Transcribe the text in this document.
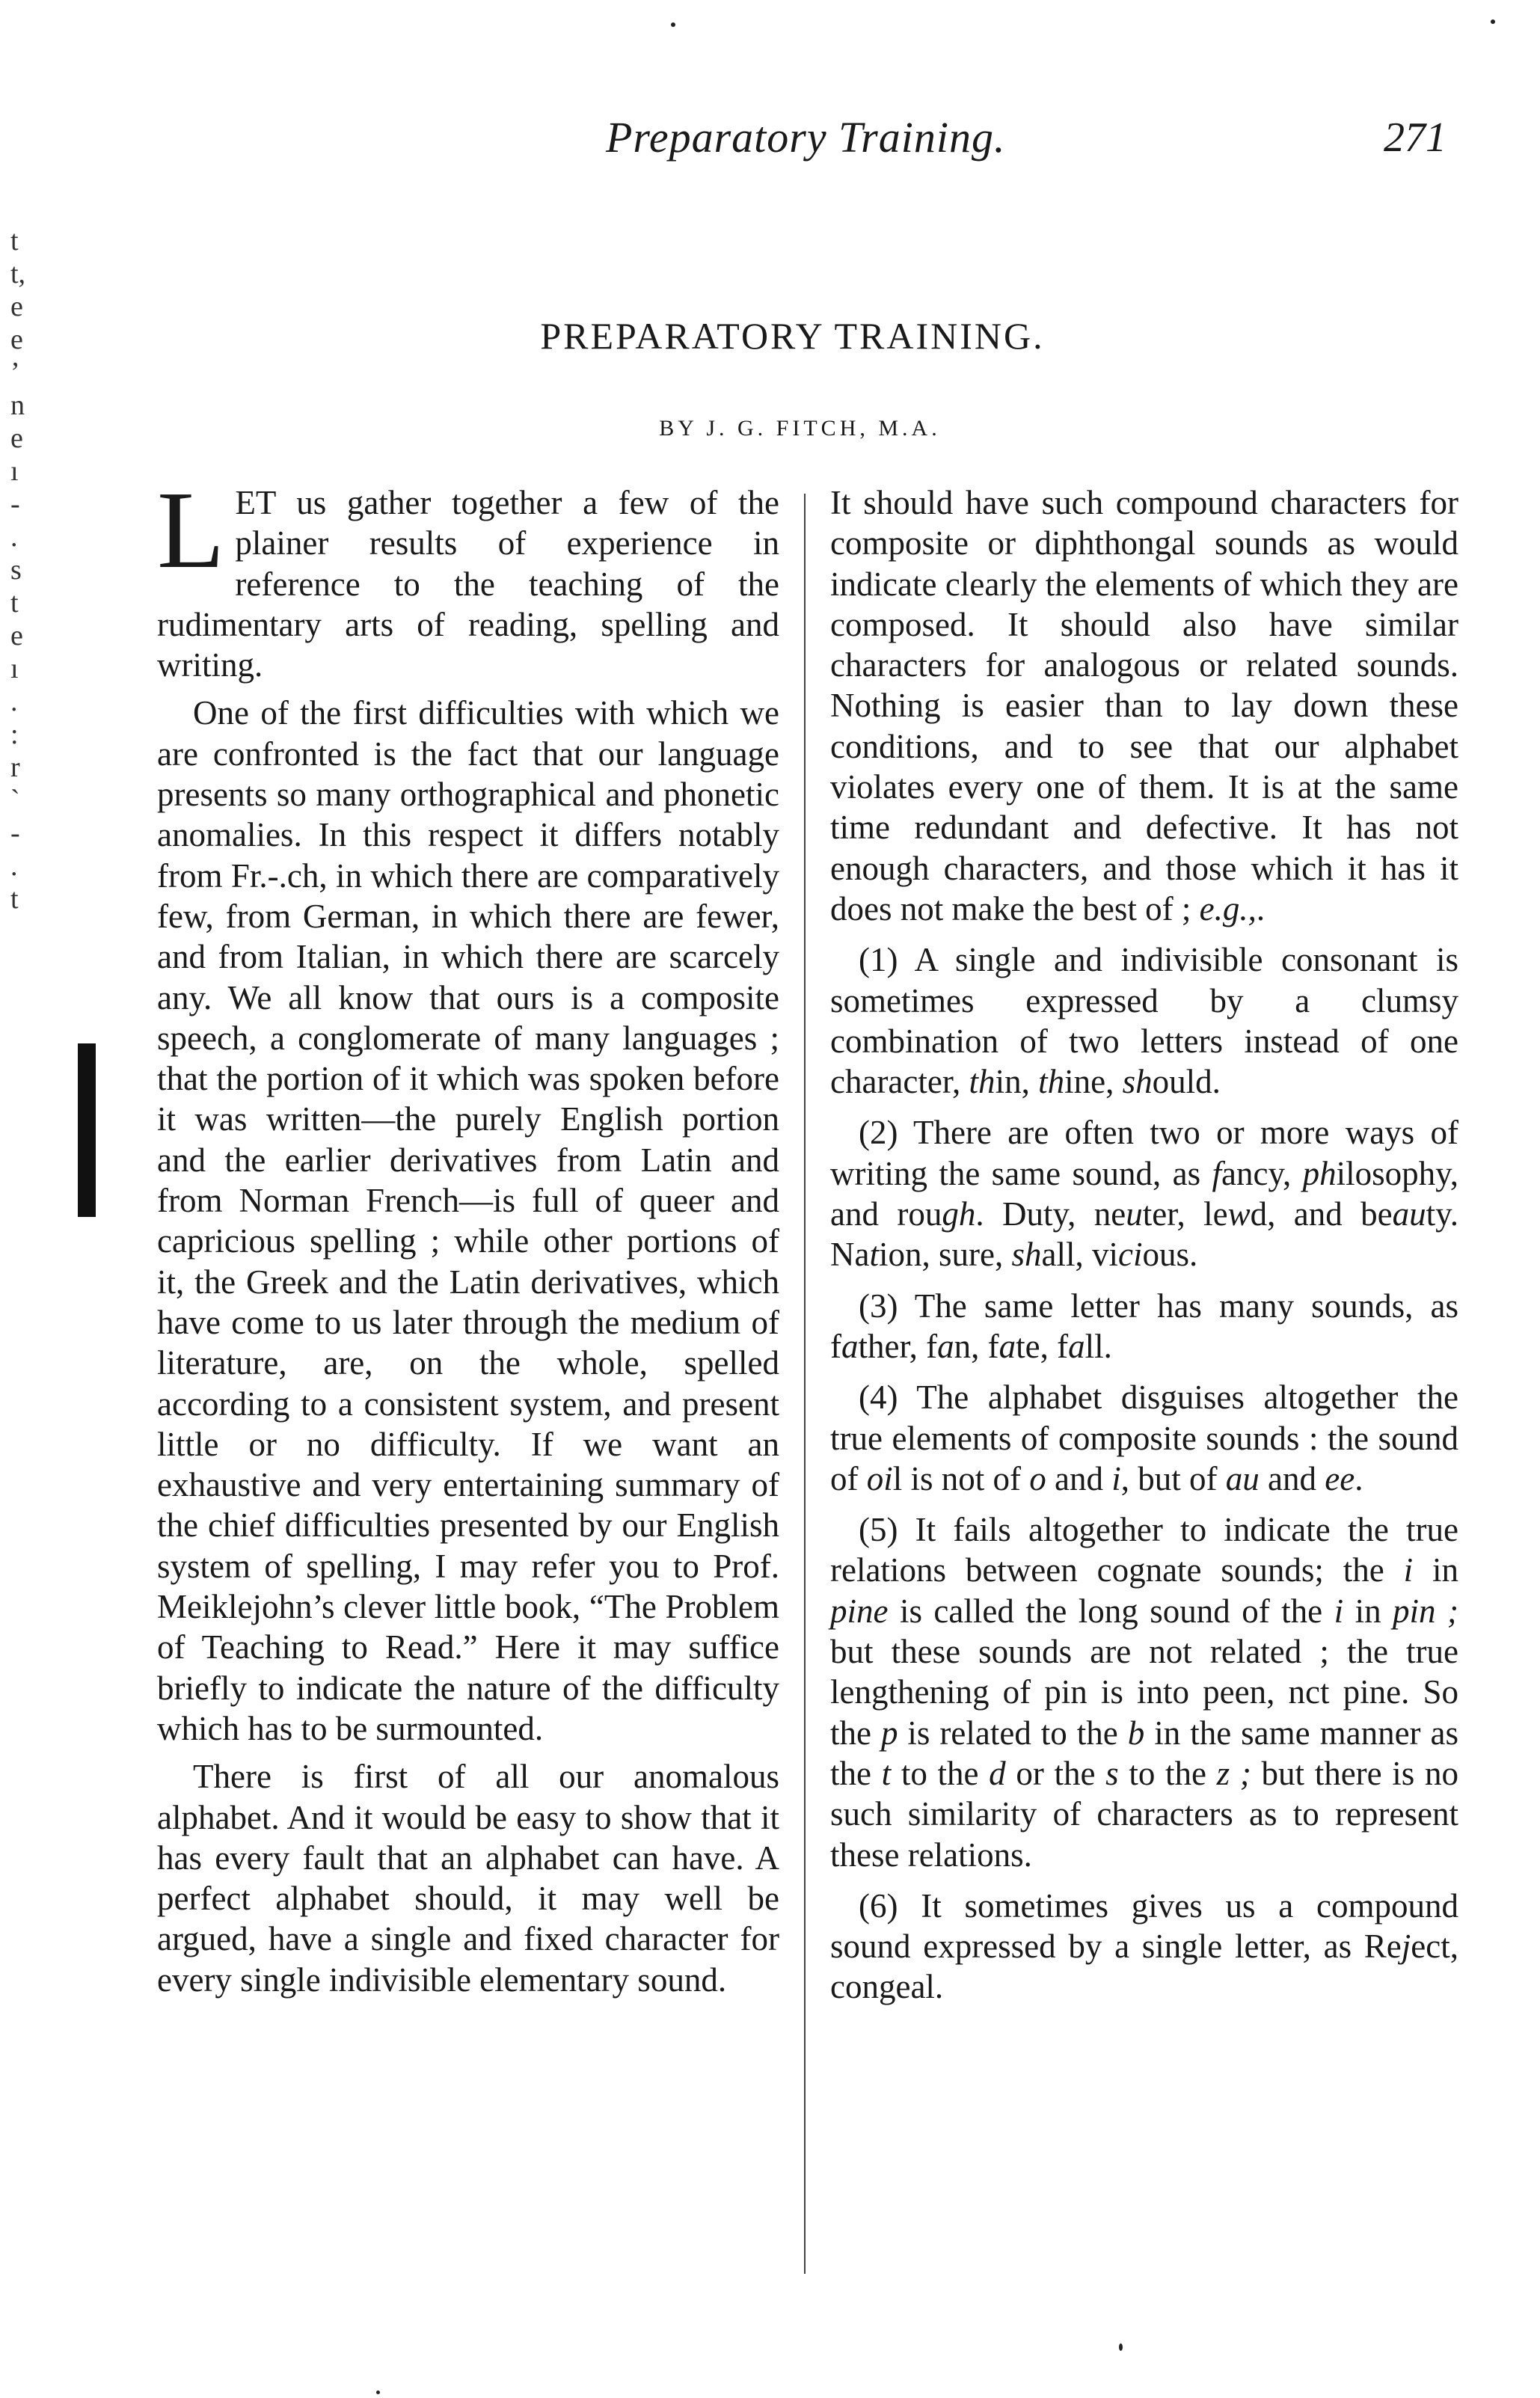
Preparatory Training.	271
t
t,
e
e
’
n
e
ı
-
.
s
t
e
ı
.
:
r
`
-
.
t
PREPARATORY TRAINING.
BY J. G. FITCH, M.A.

LET us gather together a few of the plainer results of experience in reference to the teaching of the rudimentary arts of reading, spelling and writing.

One of the first difficulties with which we are confronted is the fact that our language presents so many orthographical and phonetic anomalies. In this respect it differs notably from Fr.-.ch, in which there are comparatively few, from German, in which there are fewer, and from Italian, in which there are scarcely any. We all know that ours is a composite speech, a conglomerate of many languages ; that the portion of it which was spoken before it was written—the purely English portion and the earlier derivatives from Latin and from Norman French—is full of queer and capricious spelling ; while other portions of it, the Greek and the Latin derivatives, which have come to us later through the medium of literature, are, on the whole, spelled according to a consistent system, and present little or no difficulty. If we want an exhaustive and very entertaining summary of the chief difficulties presented by our English system of spelling, I may refer you to Prof. Meiklejohn’s clever little book, “The Problem of Teaching to Read.” Here it may suffice briefly to indicate the nature of the difficulty which has to be surmounted.

There is first of all our anomalous alphabet. And it would be easy to show that it has every fault that an alphabet can have. A perfect alphabet should, it may well be argued, have a single and fixed character for every single indivisible elementary sound.

It should have such compound characters for composite or diphthongal sounds as would indicate clearly the elements of which they are composed. It should also have similar characters for analogous or related sounds. Nothing is easier than to lay down these conditions, and to see that our alphabet violates every one of them. It is at the same time redundant and defective. It has not enough characters, and those which it has it does not make the best of ; e.g.,.

(1) A single and indivisible consonant is sometimes expressed by a clumsy combination of two letters instead of one character, thin, thine, should.

(2) There are often two or more ways of writing the same sound, as fancy, philosophy, and rough. Duty, neuter, lewd, and beauty. Nation, sure, shall, vicious.

(3) The same letter has many sounds, as father, fan, fate, fall.

(4) The alphabet disguises altogether the true elements of composite sounds : the sound of oil is not of o and i, but of au and ee.

(5) It fails altogether to indicate the true relations between cognate sounds; the i in pine is called the long sound of the i in pin ; but these sounds are not related ; the true lengthening of pin is into peen, nct pine. So the p is related to the b in the same manner as the t to the d or the s to the z ; but there is no such similarity of characters as to represent these relations.

(6) It sometimes gives us a compound sound expressed by a single letter, as Reject, congeal.
